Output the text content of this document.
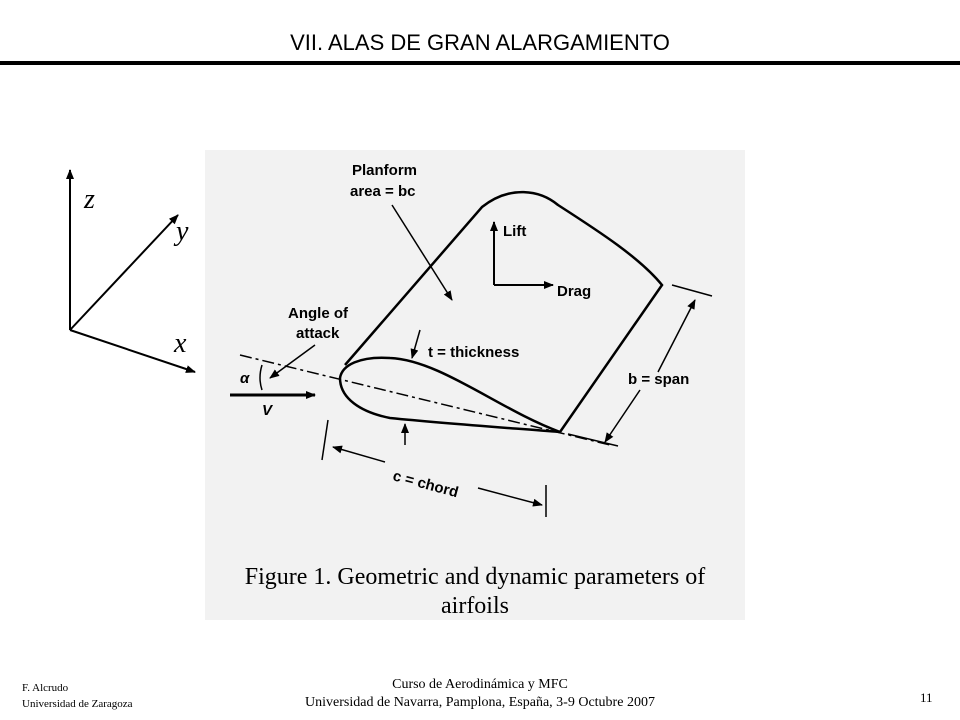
VII. ALAS DE GRAN ALARGAMIENTO
z
y
x
V
α
Angle of
attack
Planform
area = bc
Lift
Drag
t = thickness
b = span
c = chord
Figure 1. Geometric and dynamic parameters of
airfoils
F. Alcrudo
Universidad de Zaragoza
Curso de Aerodinámica y MFC
Universidad de Navarra, Pamplona, España, 3-9 Octubre 2007	11
